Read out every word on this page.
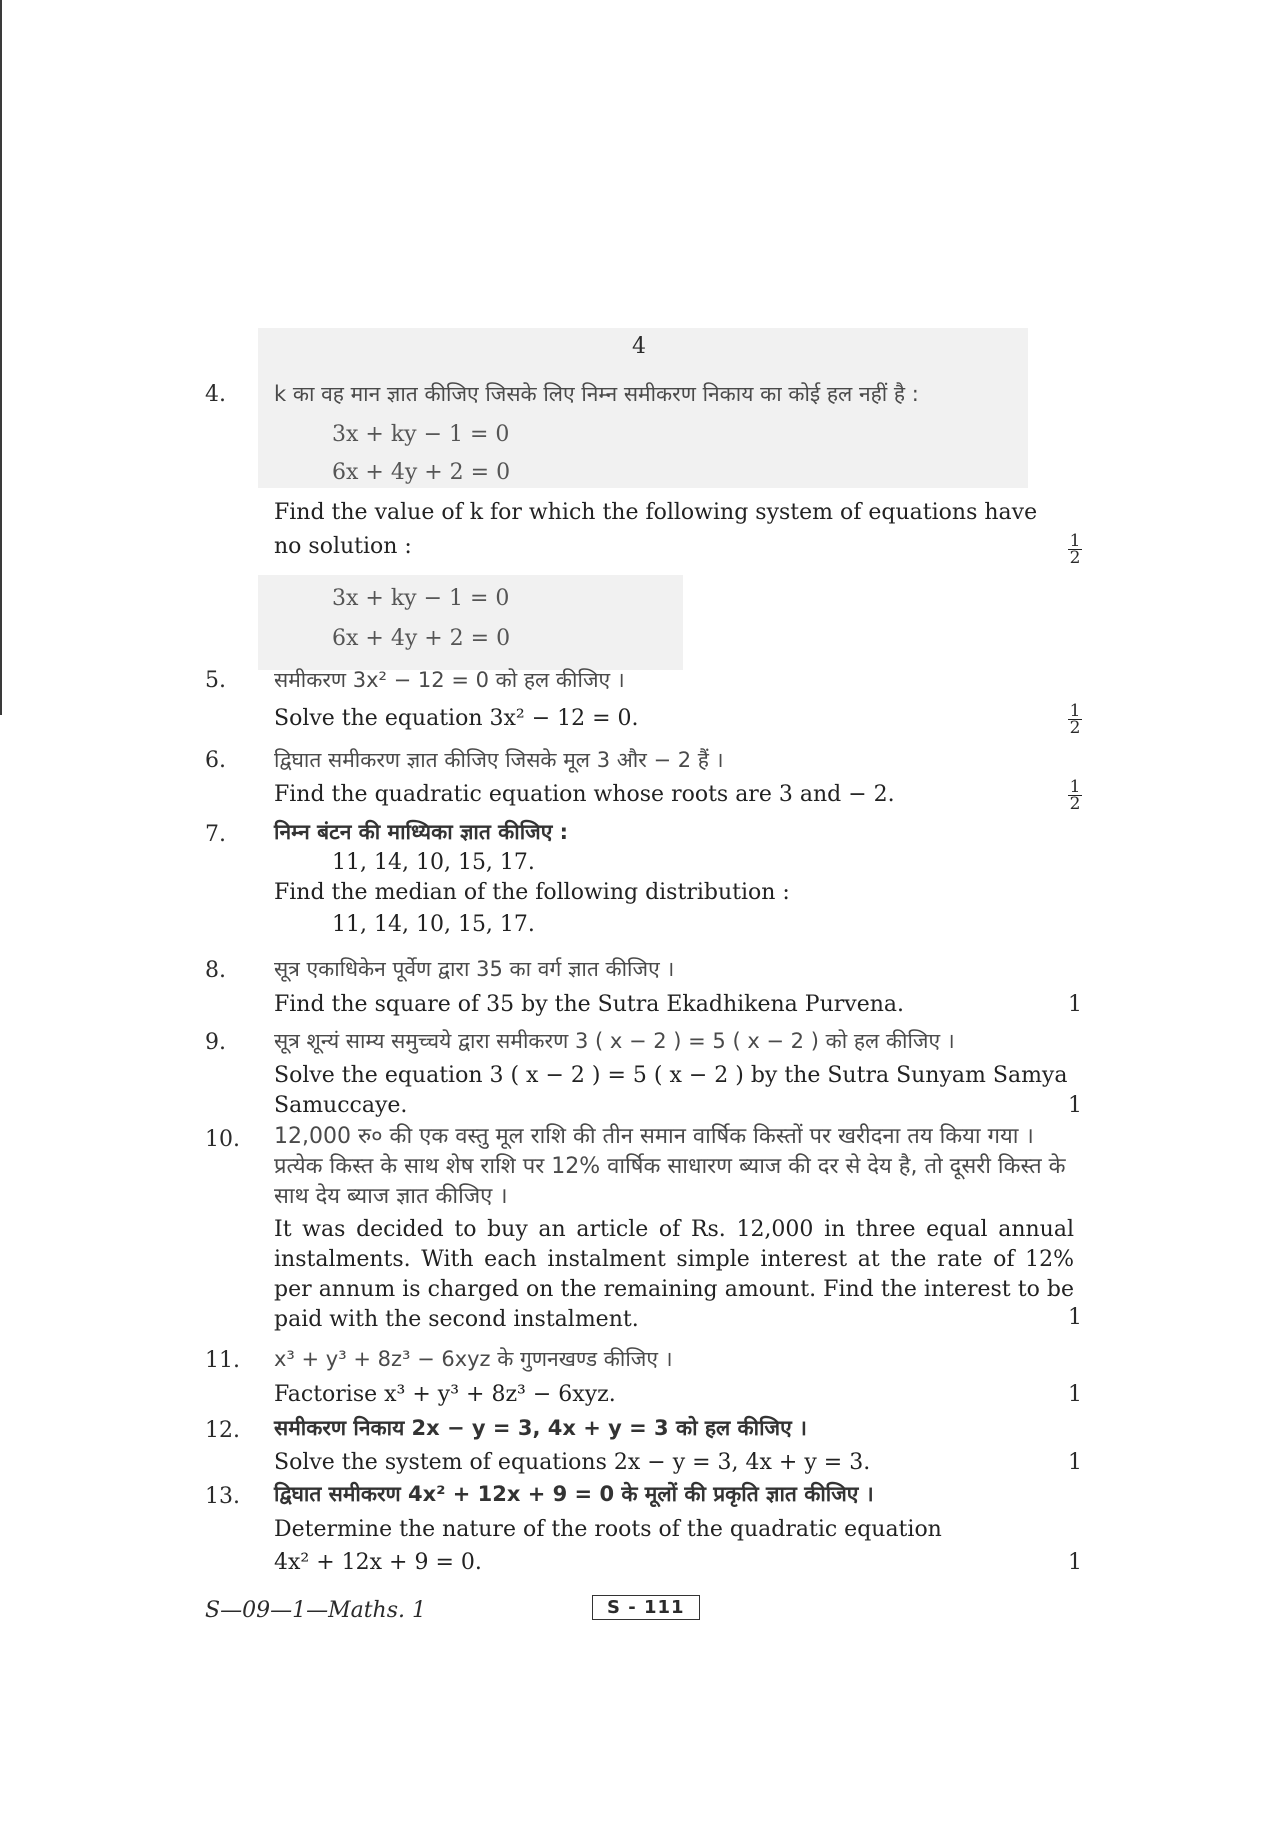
4
4.	k का वह मान ज्ञात कीजिए जिसके लिए निम्न समीकरण निकाय का कोई हल नहीं है :
3x + ky − 1 = 0
6x + 4y + 2 = 0
Find the value of k for which the following system of equations have
no solution :	$\frac{1}{2}$
3x + ky − 1 = 0
6x + 4y + 2 = 0
5.	समीकरण 3x² − 12 = 0 को हल कीजिए ।
Solve the equation 3x² − 12 = 0.	$\frac{1}{2}$
6.	द्विघात समीकरण ज्ञात कीजिए जिसके मूल 3 और − 2 हैं ।
Find the quadratic equation whose roots are 3 and − 2.	$\frac{1}{2}$
7.	निम्न बंटन की माध्यिका ज्ञात कीजिए :
11, 14, 10, 15, 17.
Find the median of the following distribution :
11, 14, 10, 15, 17.
8.	सूत्र एकाधिकेन पूर्वेण द्वारा 35 का वर्ग ज्ञात कीजिए ।
Find the square of 35 by the Sutra Ekadhikena Purvena.	1
9.	सूत्र शून्यं साम्य समुच्चये द्वारा समीकरण 3 ( x − 2 ) = 5 ( x − 2 ) को हल कीजिए ।
Solve the equation 3 ( x − 2 ) = 5 ( x − 2 ) by the Sutra Sunyam Samya
Samuccaye.	1
10.	12,000 रु० की एक वस्तु मूल राशि की तीन समान वार्षिक किस्तों पर खरीदना तय किया गया । प्रत्येक किस्त के साथ शेष राशि पर 12% वार्षिक साधारण ब्याज की दर से देय है, तो दूसरी किस्त के साथ देय ब्याज ज्ञात कीजिए ।
It was decided to buy an article of Rs. 12,000 in three equal annual instalments. With each instalment simple interest at the rate of 12% per annum is charged on the remaining amount. Find the interest to be paid with the second instalment.	1
11.	x³ + y³ + 8z³ − 6xyz के गुणनखण्ड कीजिए ।
Factorise x³ + y³ + 8z³ − 6xyz.	1
12.	समीकरण निकाय 2x − y = 3, 4x + y = 3 को हल कीजिए ।
Solve the system of equations 2x − y = 3, 4x + y = 3.	1
13.	द्विघात समीकरण 4x² + 12x + 9 = 0 के मूलों की प्रकृति ज्ञात कीजिए ।
Determine the nature of the roots of the quadratic equation
4x² + 12x + 9 = 0.	1
S—09—1—Maths. 1	S - 111
